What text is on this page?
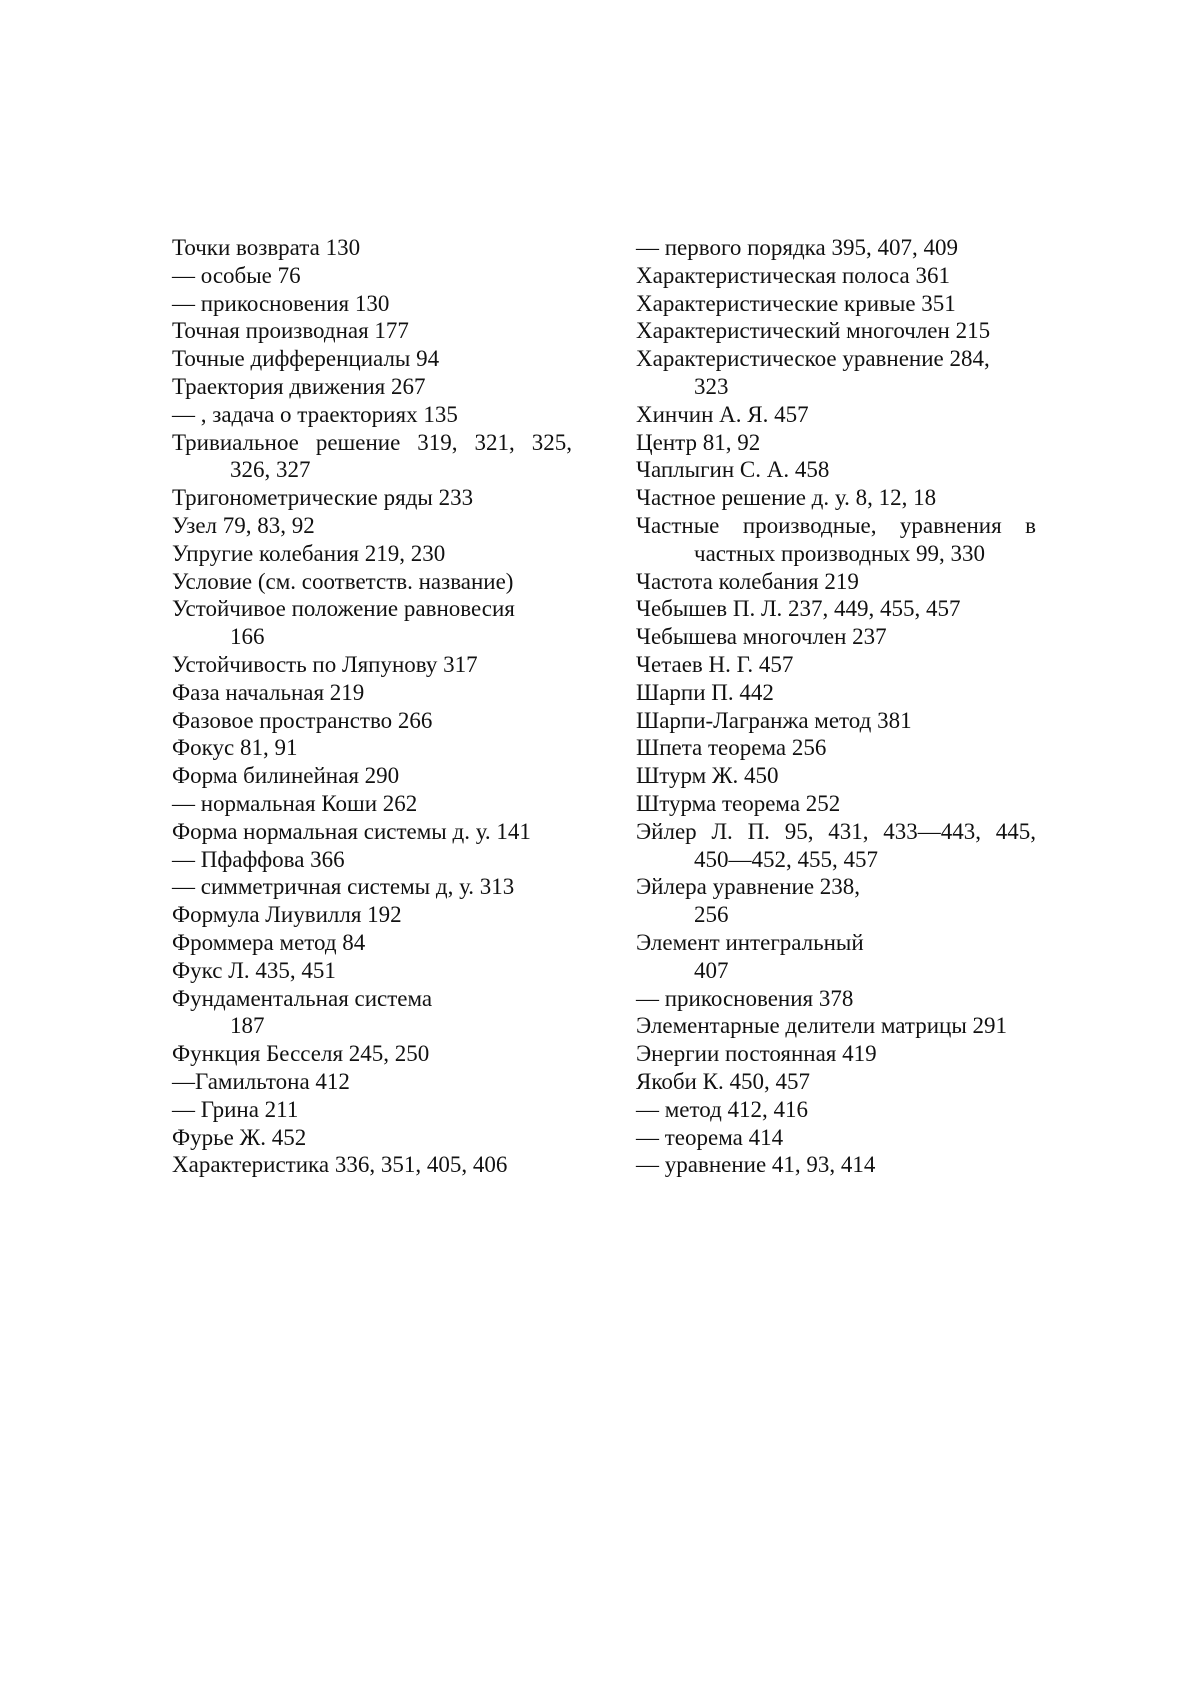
Точки возврата 130
— особые 76
— прикосновения 130
Точная производная 177
Точные дифференциалы 94
Траектория движения 267
— , задача о траекториях 135
Тривиальное решение 319, 321, 325,
326, 327
Тригонометрические ряды 233
Узел 79, 83, 92
Упругие колебания 219, 230
Условие (см. соответств. название)
Устойчивое положение равновесия
166
Устойчивость по Ляпунову 317
Фаза начальная 219
Фазовое пространство 266
Фокус 81, 91
Форма билинейная 290
— нормальная Коши 262
Форма нормальная системы д. у. 141
— Пфаффова 366
— симметричная системы д, у. 313
Формула Лиувилля 192
Фроммера метод 84
Фукс Л. 435, 451
Фундаментальная система
187
Функция Бесселя 245, 250
—Гамильтона 412
— Грина 211
Фурье Ж. 452
Характеристика 336, 351, 405, 406
— первого порядка 395, 407, 409
Характеристическая полоса 361
Характеристические кривые 351
Характеристический многочлен 215
Характеристическое уравнение 284,
323
Хинчин А. Я. 457
Центр 81, 92
Чаплыгин С. А. 458
Частное решение д. у. 8, 12, 18
Частные производные, уравнения в
частных производных 99, 330
Частота колебания 219
Чебышев П. Л. 237, 449, 455, 457
Чебышева многочлен 237
Четаев Н. Г. 457
Шарпи П. 442
Шарпи-Лагранжа метод 381
Шпета теорема 256
Штурм Ж. 450
Штурма теорема 252
Эйлер Л. П. 95, 431, 433—443, 445,
450—452, 455, 457
Эйлера уравнение 238,
256
Элемент интегральный
407
— прикосновения 378
Элементарные делители матрицы 291
Энергии постоянная 419
Якоби К. 450, 457
— метод 412, 416
— теорема 414
— уравнение 41, 93, 414
